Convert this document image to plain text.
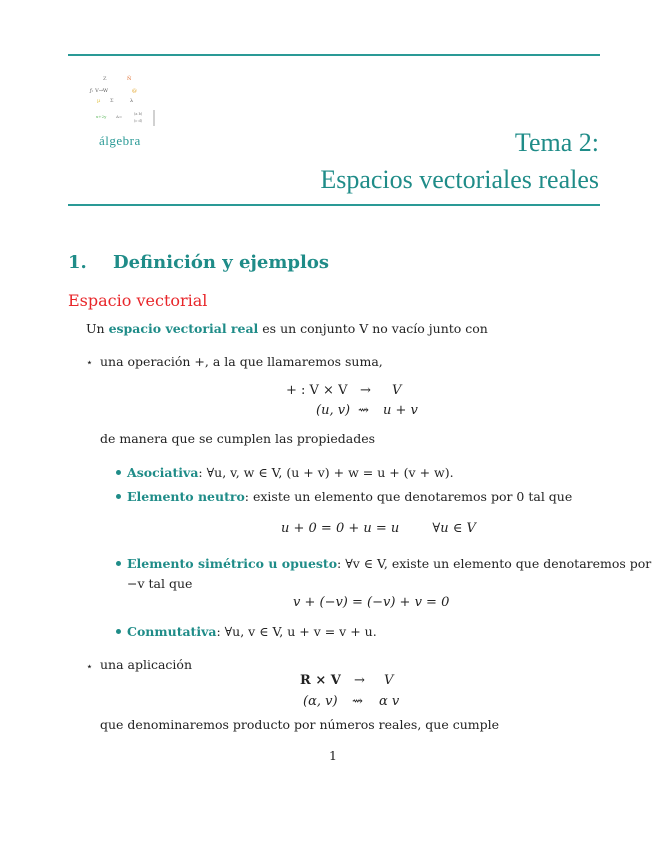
Z	Ñ
ƒ: V→W	@
µ Σ	λ
x+2y A=	(a b)
(c d)
álgebra	Tema 2:
Espacios vectoriales reales
1. Definición y ejemplos
Espacio vectorial
Un espacio vectorial real es un conjunto V no vacío junto con
⋆ una operación +, a la que llamaremos suma,
+ : V × V → V
(u, v) ⇝ u + v
de manera que se cumplen las propiedades
Asociativa: ∀u, v, w ∈ V, (u + v) + w = u + (v + w).
Elemento neutro: existe un elemento que denotaremos por 0 tal que
u + 0 = 0 + u = u        ∀u ∈ V
Elemento simétrico u opuesto: ∀v ∈ V, existe un elemento que denotaremos por
−v tal que
v + (−v) = (−v) + v = 0
Conmutativa: ∀u, v ∈ V, u + v = v + u.
⋆ una aplicación
R × V → V
(α, v) ⇝ α v
que denominaremos producto por números reales, que cumple
1
